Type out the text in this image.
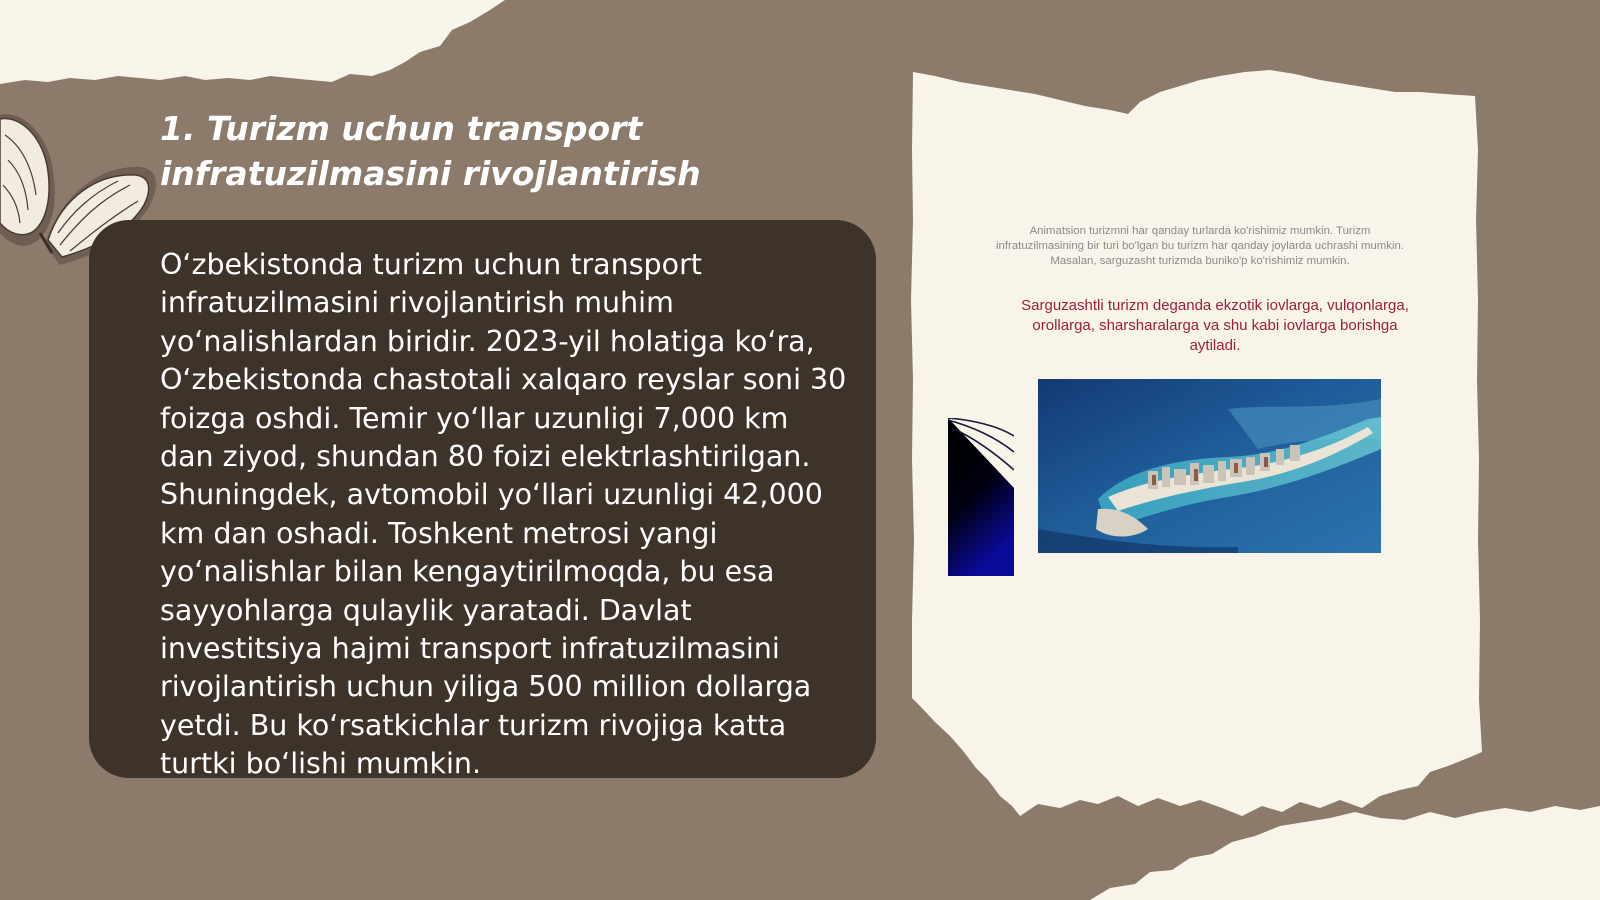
1. Turizm uchun transport infratuzilmasini rivojlantirish

O‘zbekistonda turizm uchun transport infratuzilmasini rivojlantirish muhim yo‘nalishlardan biridir. 2023-yil holatiga ko‘ra, O‘zbekistonda chastotali xalqaro reyslar soni 30 foizga oshdi. Temir yo‘llar uzunligi 7,000 km dan ziyod, shundan 80 foizi elektrlashtirilgan. Shuningdek, avtomobil yo‘llari uzunligi 42,000 km dan oshadi. Toshkent metrosi yangi yo‘nalishlar bilan kengaytirilmoqda, bu esa sayyohlarga qulaylik yaratadi. Davlat investitsiya hajmi transport infratuzilmasini rivojlantirish uchun yiliga 500 million dollarga yetdi. Bu ko‘rsatkichlar turizm rivojiga katta turtki bo‘lishi mumkin.

Animatsion turizmni har qanday turlarda ko'rishimiz mumkin. Turizm infratuzilmasining bir turi bo'lgan bu turizm har qanday joylarda uchrashi mumkin. Masalan, sarguzasht turizmda buniko'p ko'rishimiz mumkin.

Sarguzashtli turizm deganda ekzotik iovlarga, vulqonlarga, orollarga, sharsharalarga va shu kabi iovlarga borishga aytiladi.
